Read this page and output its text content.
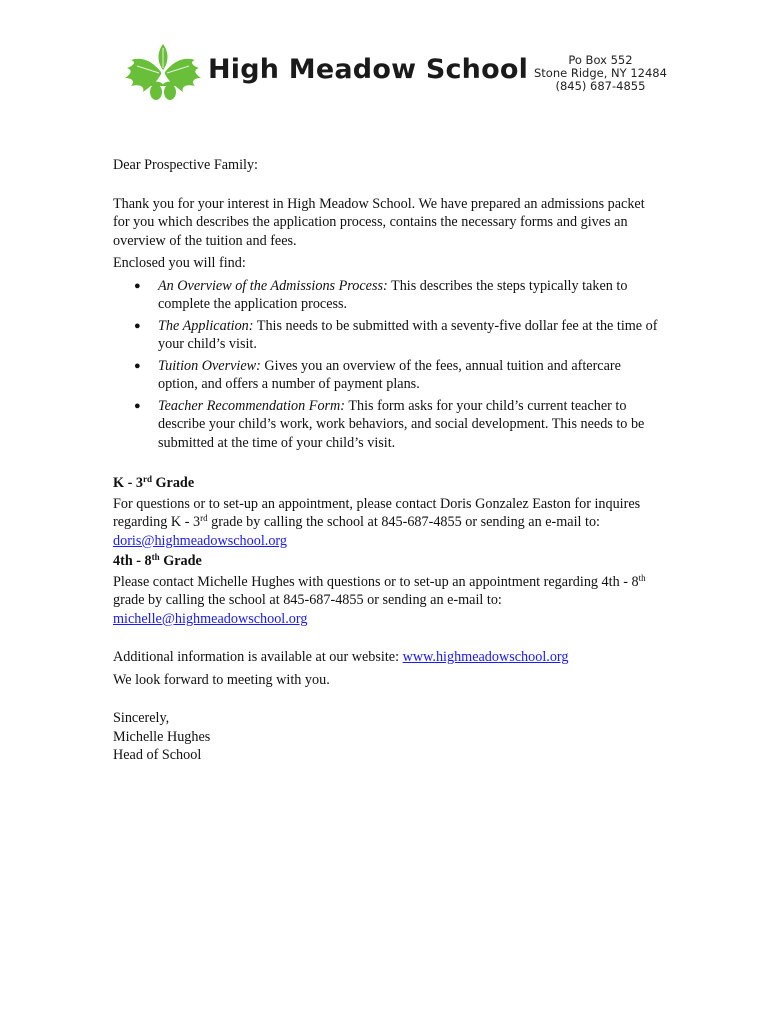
High Meadow School	Po Box 552
Stone Ridge, NY 12484
(845) 687-4855

Dear Prospective Family:

Thank you for your interest in High Meadow School. We have prepared an admissions packet for you which describes the application process, contains the necessary forms and gives an overview of the tuition and fees.

Enclosed you will find:

● An Overview of the Admissions Process: This describes the steps typically taken to complete the application process.
● The Application: This needs to be submitted with a seventy-five dollar fee at the time of your child’s visit.
● Tuition Overview: Gives you an overview of the fees, annual tuition and aftercare option, and offers a number of payment plans.
● Teacher Recommendation Form: This form asks for your child’s current teacher to describe your child’s work, work behaviors, and social development. This needs to be submitted at the time of your child’s visit.
K - 3rd Grade

For questions or to set-up an appointment, please contact Doris Gonzalez Easton for inquires regarding K - 3rd grade by calling the school at 845-687-4855 or sending an e-mail to:

doris@highmeadowschool.org

4th - 8th Grade

Please contact Michelle Hughes with questions or to set-up an appointment regarding 4th - 8th grade by calling the school at 845-687-4855 or sending an e-mail to:

michelle@highmeadowschool.org

Additional information is available at our website: www.highmeadowschool.org

We look forward to meeting with you.

Sincerely,

Michelle Hughes

Head of School
